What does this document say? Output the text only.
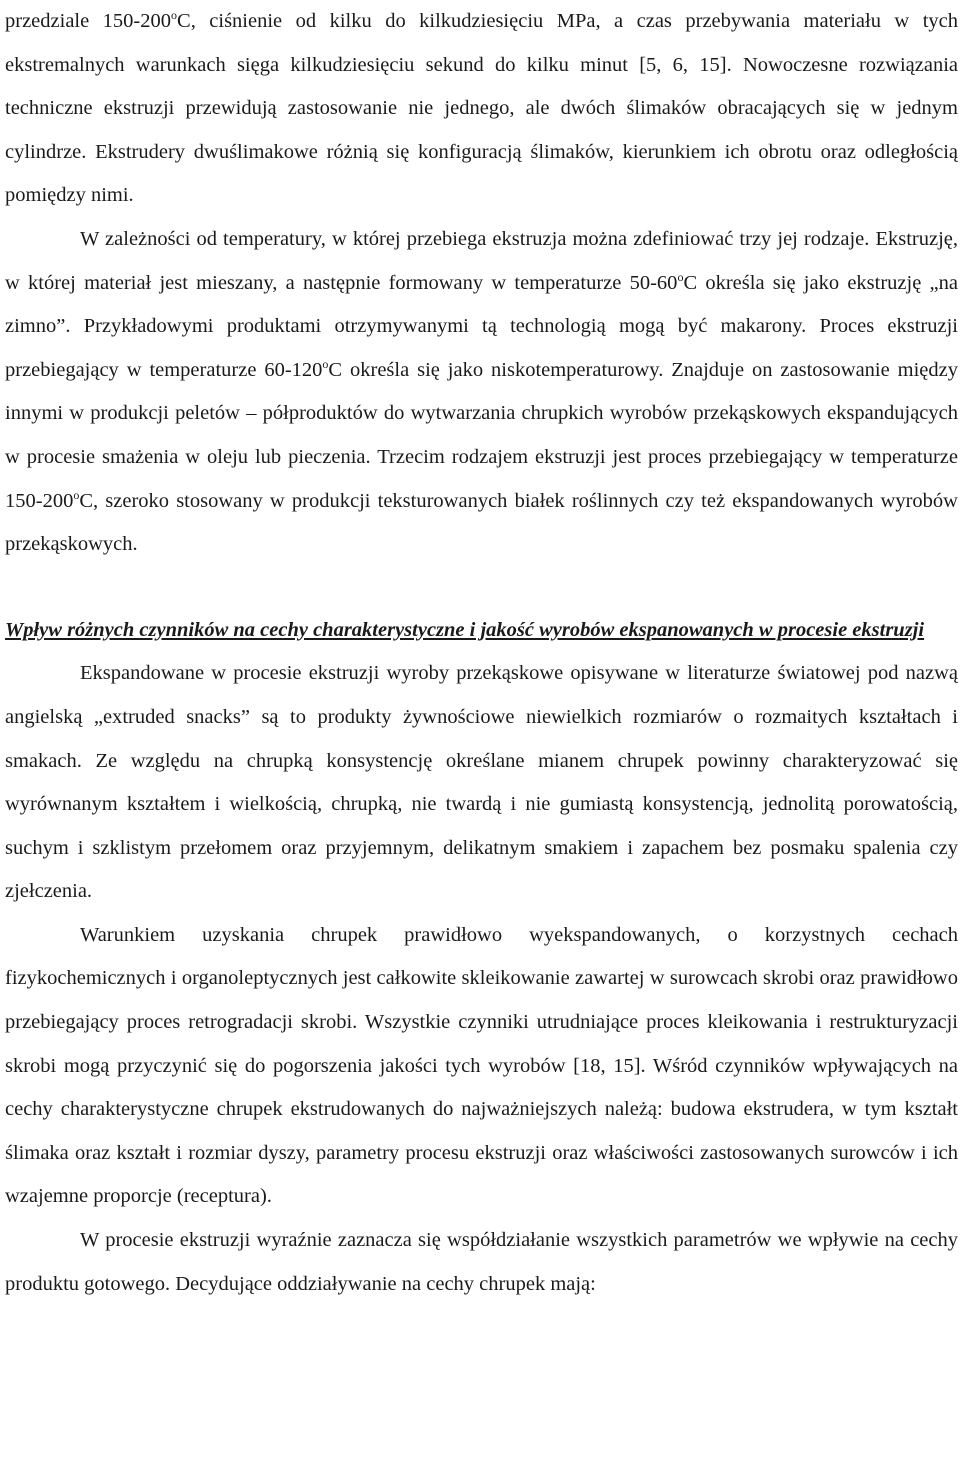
przedziale 150-200$^o$C, ciśnienie od kilku do kilkudziesięciu MPa, a czas przebywania materiału w tych ekstremalnych warunkach sięga kilkudziesięciu sekund do kilku minut [5, 6, 15]. Nowoczesne rozwiązania techniczne ekstruzji przewidują zastosowanie nie jednego, ale dwóch ślimaków obracających się w jednym cylindrze. Ekstrudery dwuślimakowe różnią się konfiguracją ślimaków, kierunkiem ich obrotu oraz odległością pomiędzy nimi.

W zależności od temperatury, w której przebiega ekstruzja można zdefiniować trzy jej rodzaje. Ekstruzję, w której materiał jest mieszany, a następnie formowany w temperaturze 50-60$^o$C określa się jako ekstruzję „na zimno”. Przykładowymi produktami otrzymywanymi tą technologią mogą być makarony. Proces ekstruzji przebiegający w temperaturze 60-120$^o$C określa się jako niskotemperaturowy. Znajduje on zastosowanie między innymi w produkcji peletów – półproduktów do wytwarzania chrupkich wyrobów przekąskowych ekspandujących w procesie smażenia w oleju lub pieczenia. Trzecim rodzajem ekstruzji jest proces przebiegający w temperaturze 150-200$^o$C, szeroko stosowany w produkcji teksturowanych białek roślinnych czy też ekspandowanych wyrobów przekąskowych.

Wpływ różnych czynników na cechy charakterystyczne i jakość wyrobów ekspanowanych w procesie ekstruzji

Ekspandowane w procesie ekstruzji wyroby przekąskowe opisywane w literaturze światowej pod nazwą angielską „extruded snacks” są to produkty żywnościowe niewielkich rozmiarów o rozmaitych kształtach i smakach. Ze względu na chrupką konsystencję określane mianem chrupek powinny charakteryzować się wyrównanym kształtem i wielkością, chrupką, nie twardą i nie gumiastą konsystencją, jednolitą porowatością, suchym i szklistym przełomem oraz przyjemnym, delikatnym smakiem i zapachem bez posmaku spalenia czy zjełczenia.

Warunkiem uzyskania chrupek prawidłowo wyekspandowanych, o korzystnych cechach fizykochemicznych i organoleptycznych jest całkowite skleikowanie zawartej w surowcach skrobi oraz prawidłowo przebiegający proces retrogradacji skrobi. Wszystkie czynniki utrudniające proces kleikowania i restrukturyzacji skrobi mogą przyczynić się do pogorszenia jakości tych wyrobów [18, 15]. Wśród czynników wpływających na cechy charakterystyczne chrupek ekstrudowanych do najważniejszych należą: budowa ekstrudera, w tym kształt ślimaka oraz kształt i rozmiar dyszy, parametry procesu ekstruzji oraz właściwości zastosowanych surowców i ich wzajemne proporcje (receptura).

W procesie ekstruzji wyraźnie zaznacza się współdziałanie wszystkich parametrów we wpływie na cechy produktu gotowego. Decydujące oddziaływanie na cechy chrupek mają:
